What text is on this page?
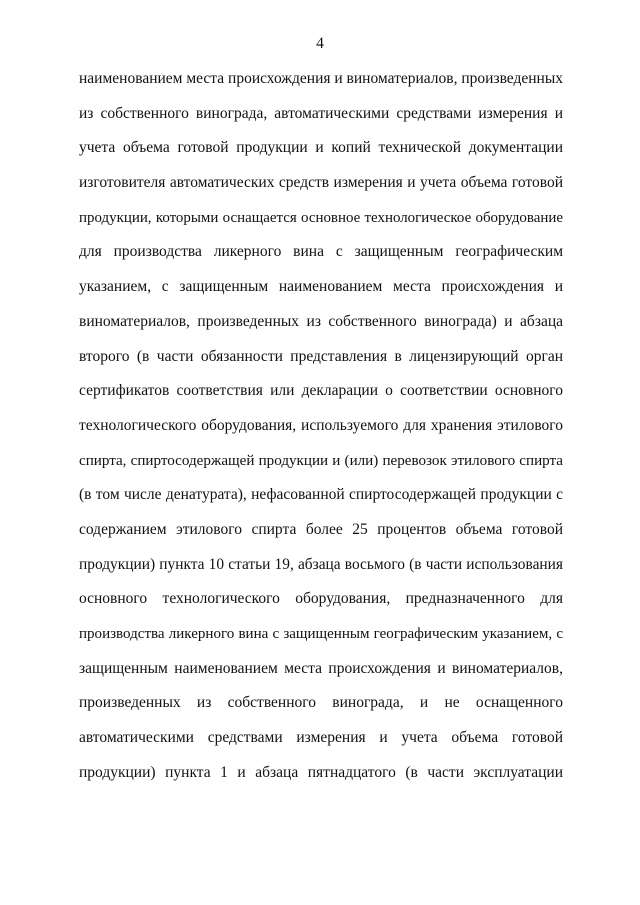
4
наименованием места происхождения и виноматериалов, произведенных
из собственного винограда, автоматическими средствами измерения и
учета объема готовой продукции и копий технической документации
изготовителя автоматических средств измерения и учета объема готовой
продукции, которыми оснащается основное технологическое оборудование
для производства ликерного вина с защищенным географическим
указанием, с защищенным наименованием места происхождения и
виноматериалов, произведенных из собственного винограда) и абзаца
второго (в части обязанности представления в лицензирующий орган
сертификатов соответствия или декларации о соответствии основного
технологического оборудования, используемого для хранения этилового
спирта, спиртосодержащей продукции и (или) перевозок этилового спирта
(в том числе денатурата), нефасованной спиртосодержащей продукции с
содержанием этилового спирта более 25 процентов объема готовой
продукции) пункта 10 статьи 19, абзаца восьмого (в части использования
основного технологического оборудования, предназначенного для
производства ликерного вина с защищенным географическим указанием, с
защищенным наименованием места происхождения и виноматериалов,
произведенных из собственного винограда, и не оснащенного
автоматическими средствами измерения и учета объема готовой
продукции) пункта 1 и абзаца пятнадцатого (в части эксплуатации
